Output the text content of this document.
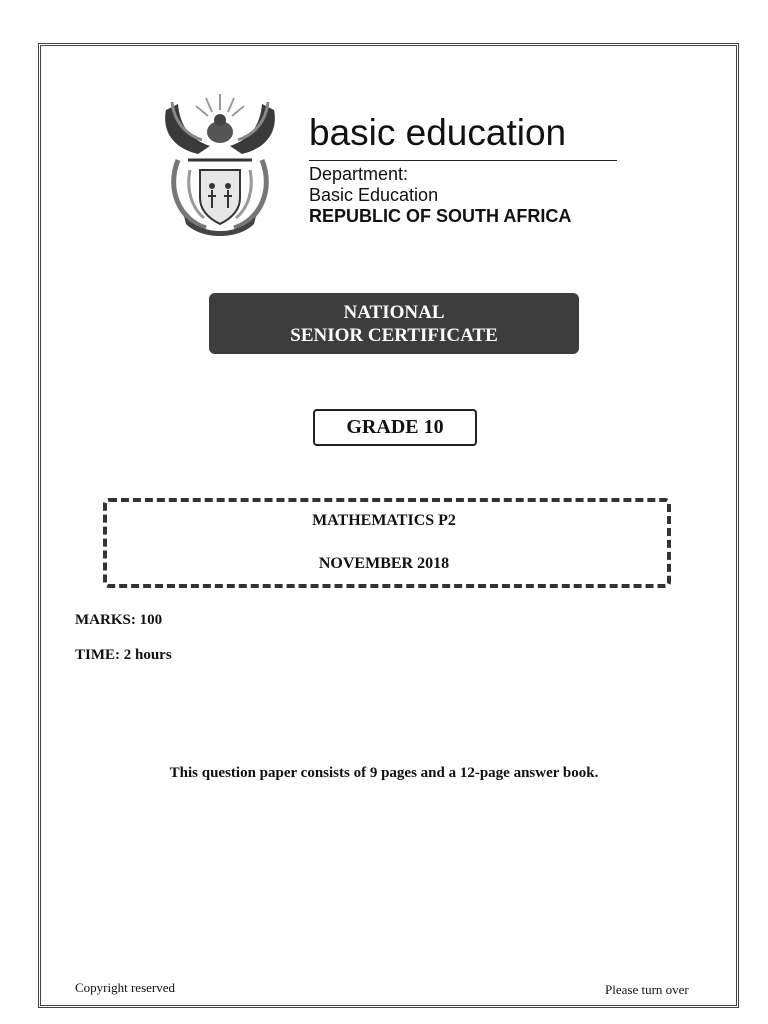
basic education
Department:
Basic Education
REPUBLIC OF SOUTH AFRICA
NATIONAL
SENIOR CERTIFICATE
GRADE 10
MATHEMATICS P2
NOVEMBER 2018
MARKS: 100
TIME: 2 hours
This question paper consists of 9 pages and a 12-page answer book.
Copyright reserved	Please turn over
